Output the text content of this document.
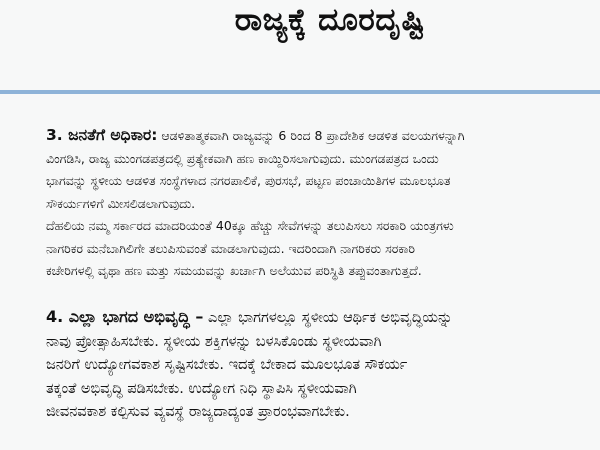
ರಾಜ್ಯಕ್ಕೆ ದೂರದೃಷ್ಟಿ
3. ಜನತೆಗೆ ಅಧಿಕಾರ: ಆಡಳಿತಾತ್ಮಕವಾಗಿ ರಾಜ್ಯವನ್ನು 6 ರಿಂದ 8 ಪ್ರಾದೇಶಿಕ ಆಡಳಿತ ವಲಯಗಳನ್ನಾಗಿ
ವಿಂಗಡಿಸಿ, ರಾಜ್ಯ ಮುಂಗಡಪತ್ರದಲ್ಲಿ ಪ್ರತ್ಯೇಕವಾಗಿ ಹಣ ಕಾಯ್ದಿರಿಸಲಾಗುವುದು. ಮುಂಗಡಪತ್ರದ ಒಂದು
ಭಾಗವನ್ನು ಸ್ಥಳೀಯ ಆಡಳಿತ ಸಂಸ್ಥೆಗಳಾದ ನಗರಪಾಲಿಕೆ, ಪುರಸಭೆ, ಪಟ್ಟಣ ಪಂಚಾಯಿತಿಗಳ ಮೂಲಭೂತ
ಸೌಕರ್ಯಗಳಿಗೆ ಮೀಸಲಿಡಲಾಗುವುದು.
ದೆಹಲಿಯ ನಮ್ಮ ಸರ್ಕಾರದ ಮಾದರಿಯಂತೆ 40ಕ್ಕೂ ಹೆಚ್ಚು ಸೇವೆಗಳನ್ನು ತಲುಪಿಸಲು ಸರಕಾರಿ ಯಂತ್ರಗಳು
ನಾಗರಿಕರ ಮನೆಬಾಗಿಲಿಗೇ ತಲುಪಿಸುವಂತೆ ಮಾಡಲಾಗುವುದು. ಇದರಿಂದಾಗಿ ನಾಗರಿಕರು ಸರಕಾರಿ
ಕಚೇರಿಗಳಲ್ಲಿ ವೃಥಾ ಹಣ ಮತ್ತು ಸಮಯವನ್ನು ಖರ್ಚಾಗಿ ಅಲೆಯುವ ಪರಿಸ್ಥಿತಿ ತಪ್ಪುವಂತಾಗುತ್ತದೆ.
4. ಎಲ್ಲಾ ಭಾಗದ ಅಭಿವೃದ್ಧಿ – ಎಲ್ಲಾ ಭಾಗಗಳಲ್ಲೂ ಸ್ಥಳೀಯ ಆರ್ಥಿಕ ಅಭಿವೃದ್ಧಿಯನ್ನು
ನಾವು ಪ್ರೋತ್ಸಾಹಿಸಬೇಕು. ಸ್ಥಳೀಯ ಶಕ್ತಿಗಳನ್ನು ಬಳಸಿಕೊಂಡು ಸ್ಥಳೀಯವಾಗಿ
ಜನರಿಗೆ ಉದ್ಯೋಗವಕಾಶ ಸೃಷ್ಟಿಸಬೇಕು. ಇದಕ್ಕೆ ಬೇಕಾದ ಮೂಲಭೂತ ಸೌಕರ್ಯ
ತಕ್ಕಂತೆ ಅಭಿವೃದ್ಧಿ ಪಡಿಸಬೇಕು. ಉದ್ಯೋಗ ನಿಧಿ ಸ್ಥಾಪಿಸಿ ಸ್ಥಳೀಯವಾಗಿ
ಜೀವನವಕಾಶ ಕಲ್ಪಿಸುವ ವ್ಯವಸ್ಥೆ ರಾಜ್ಯದಾದ್ಯಂತ ಪ್ರಾರಂಭವಾಗಬೇಕು.
